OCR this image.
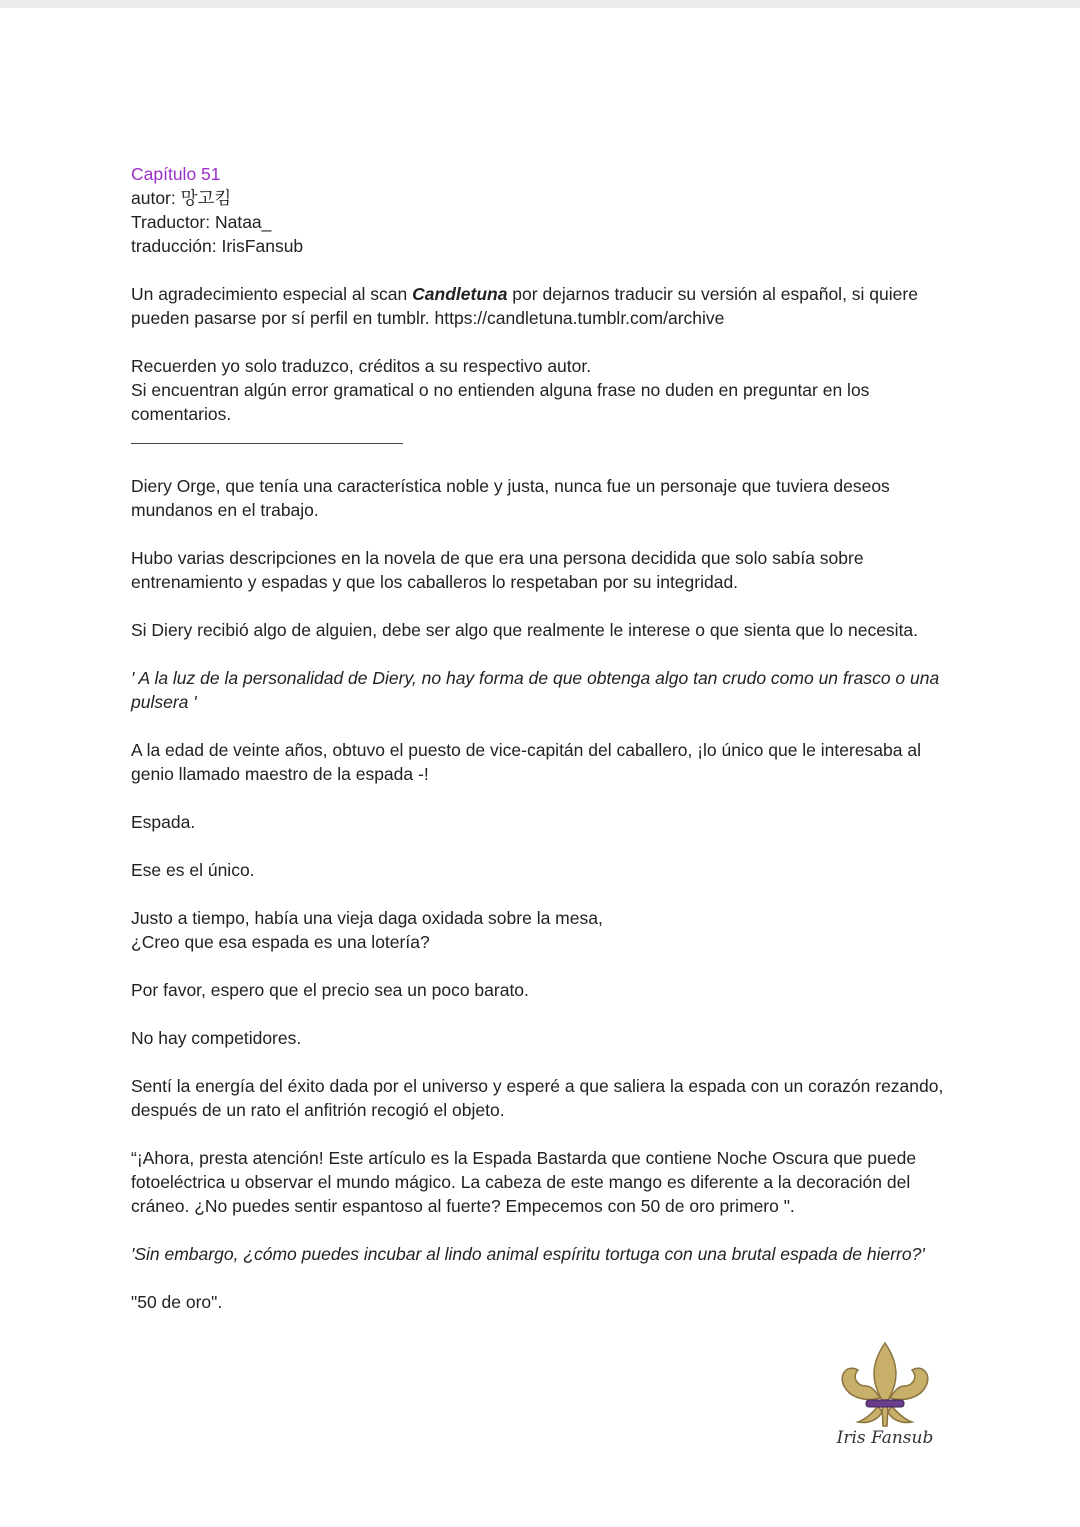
Capítulo 51
autor: 망고킴
Traductor: Nataa_
traducción: IrisFansub

Un agradecimiento especial al scan Candletuna por dejarnos traducir su versión al español, si quiere pueden pasarse por sí perfil en tumblr. https://candletuna.tumblr.com/archive

Recuerden yo solo traduzco, créditos a su respectivo autor.
Si encuentran algún error gramatical o no entienden alguna frase no duden en preguntar en los comentarios.

Diery Orge, que tenía una característica noble y justa, nunca fue un personaje que tuviera deseos mundanos en el trabajo.

Hubo varias descripciones en la novela de que era una persona decidida que solo sabía sobre entrenamiento y espadas y que los caballeros lo respetaban por su integridad.

Si Diery recibió algo de alguien, debe ser algo que realmente le interese o que sienta que lo necesita.

' A la luz de la personalidad de Diery, no hay forma de que obtenga algo tan crudo como un frasco o una pulsera '

A la edad de veinte años, obtuvo el puesto de vice-capitán del caballero, ¡lo único que le interesaba al genio llamado maestro de la espada -!

Espada.

Ese es el único.

Justo a tiempo, había una vieja daga oxidada sobre la mesa,
¿Creo que esa espada es una lotería?

Por favor, espero que el precio sea un poco barato.

No hay competidores.

Sentí la energía del éxito dada por el universo y esperé a que saliera la espada con un corazón rezando, después de un rato el anfitrión recogió el objeto.

“¡Ahora, presta atención! Este artículo es la Espada Bastarda que contiene Noche Oscura que puede fotoeléctrica u observar el mundo mágico. La cabeza de este mango es diferente a la decoración del cráneo. ¿No puedes sentir espantoso al fuerte? Empecemos con 50 de oro primero ".

'Sin embargo, ¿cómo puedes incubar al lindo animal espíritu tortuga con una brutal espada de hierro?'

"50 de oro".

Iris Fansub
